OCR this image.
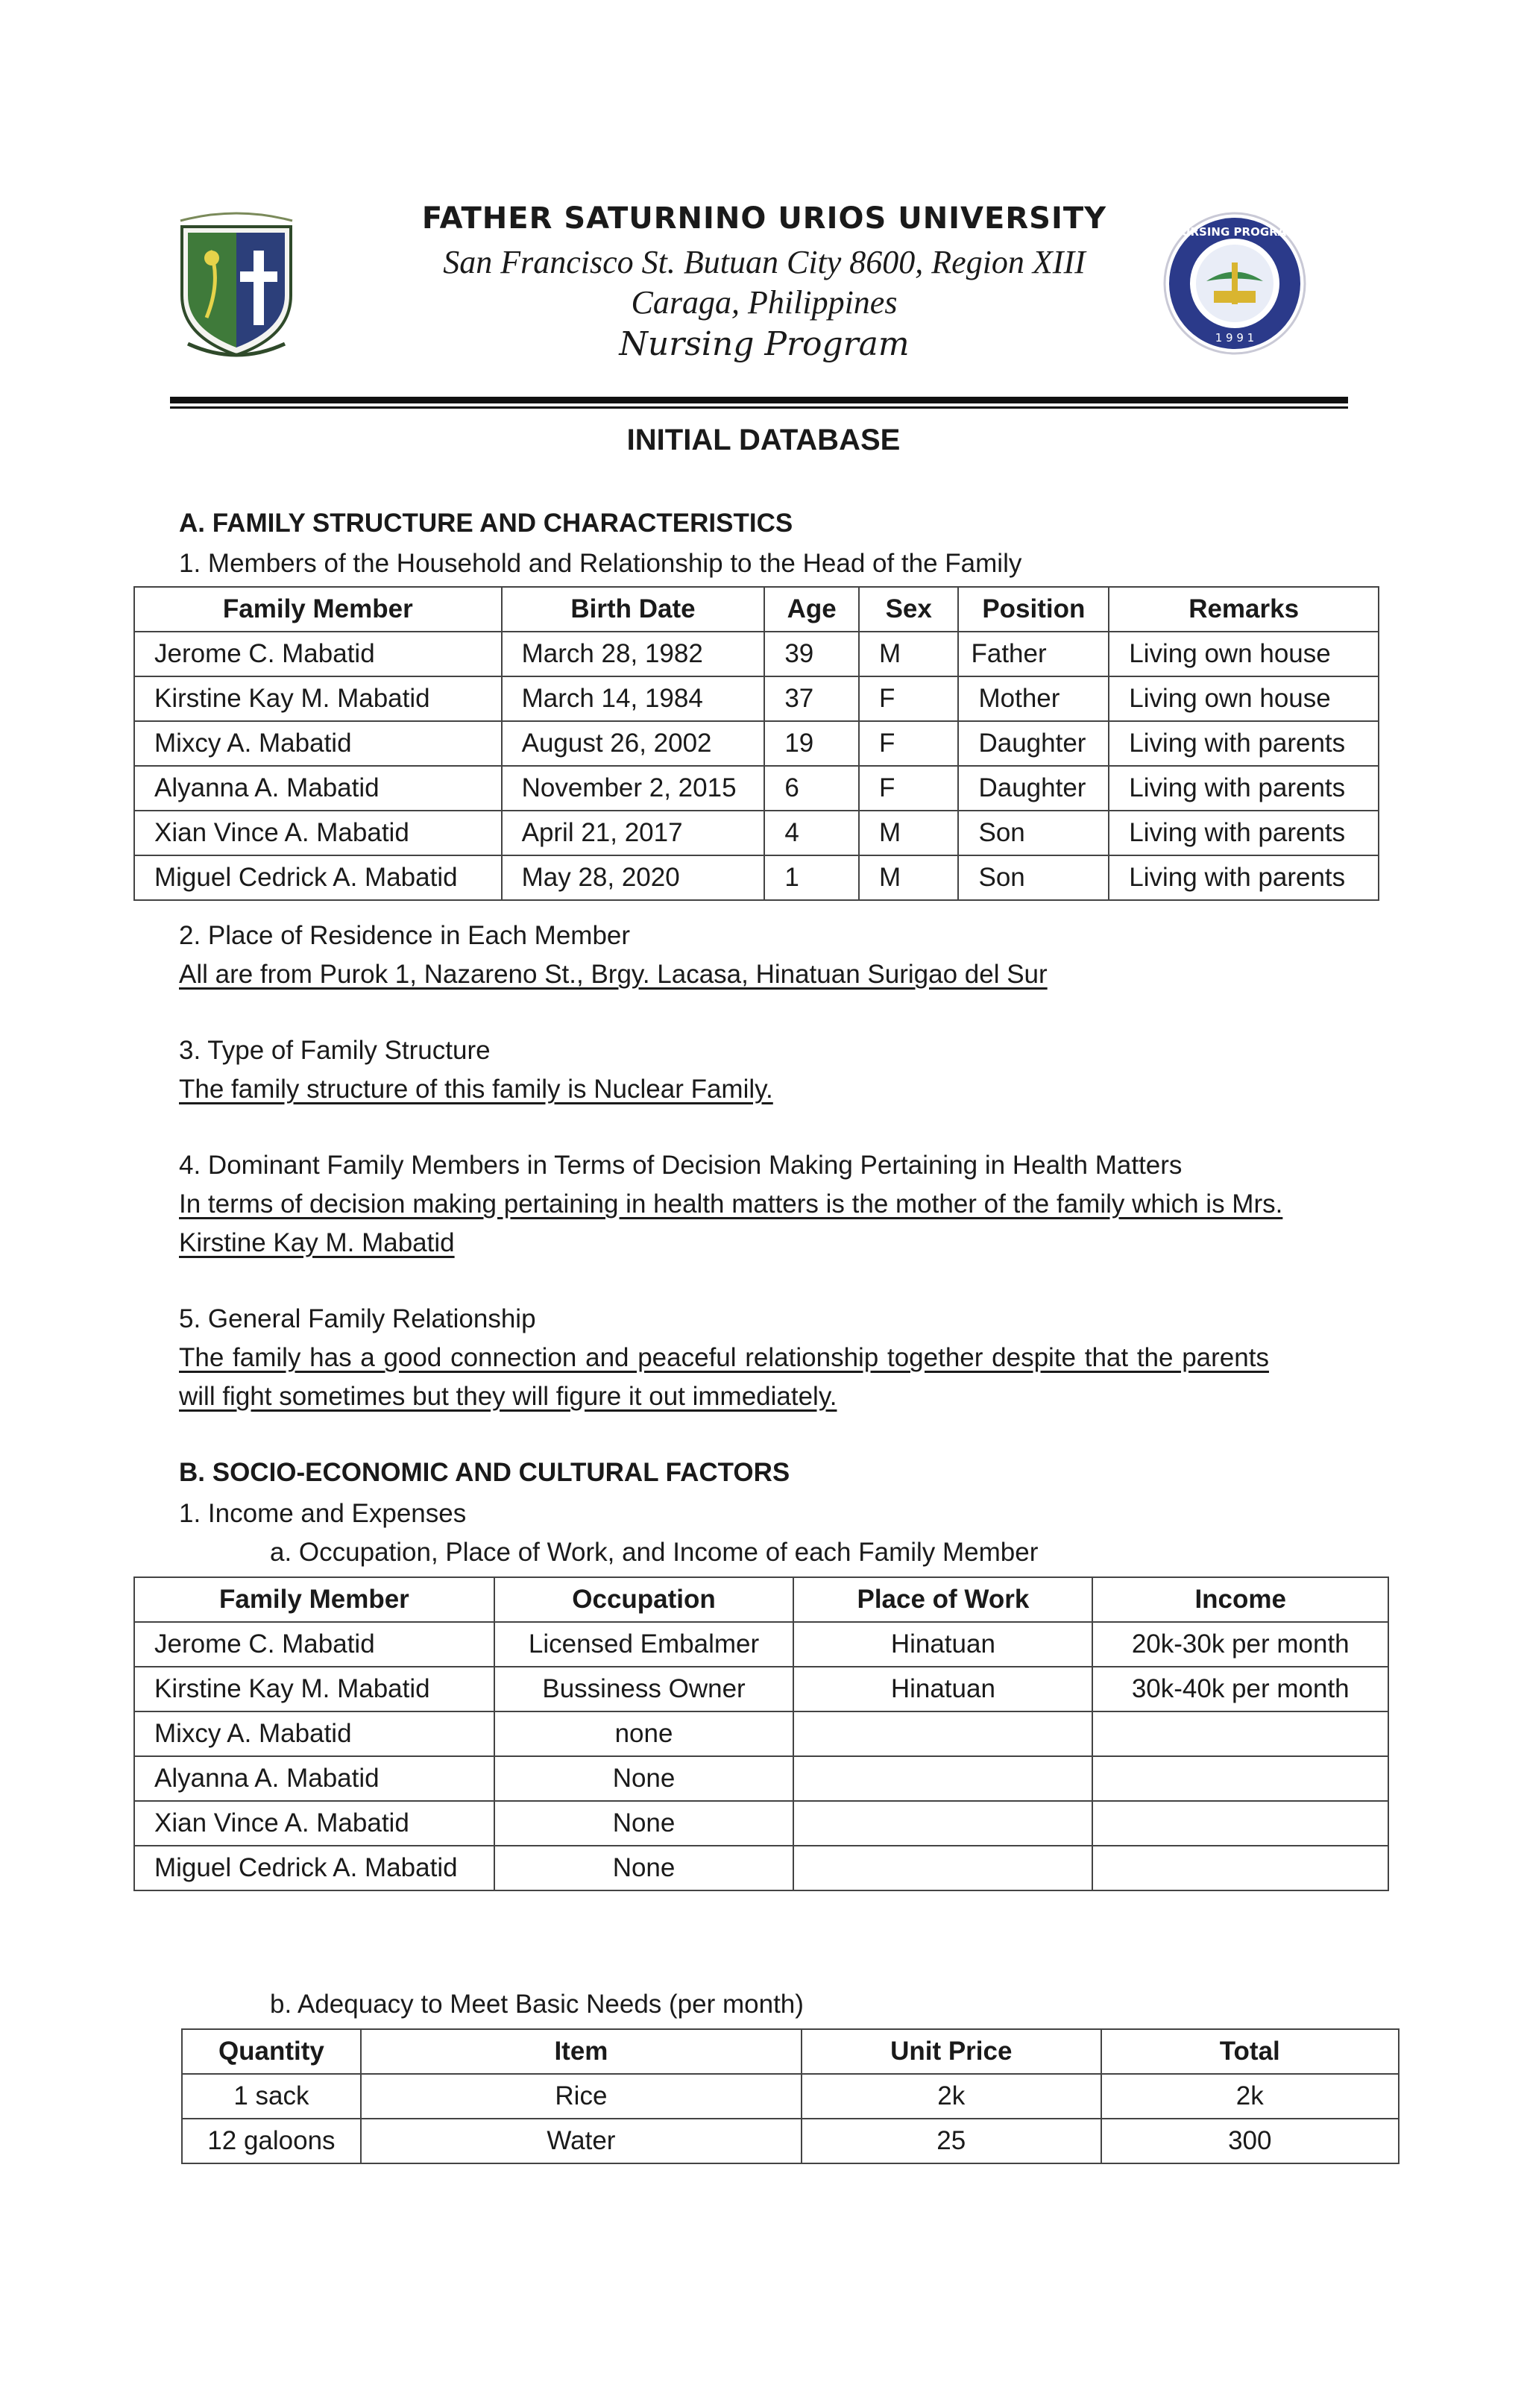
FATHER SATURNINO URIOS UNIVERSITY
San Francisco St. Butuan City 8600, Region XIII
Caraga, Philippines
Nursing Program
NURSING PROGRAM
1 9 9 1
INITIAL DATABASE
A. FAMILY STRUCTURE AND CHARACTERISTICS
1. Members of the Household and Relationship to the Head of the Family
Family Member	Birth Date	Age	Sex	Position	Remarks
Jerome C. Mabatid	March 28, 1982	39	M	Father	Living own house
Kirstine Kay M. Mabatid	March 14, 1984	37	F	Mother	Living own house
Mixcy A. Mabatid	August 26, 2002	19	F	Daughter	Living with parents
Alyanna A. Mabatid	November 2, 2015	6	F	Daughter	Living with parents
Xian Vince A. Mabatid	April 21, 2017	4	M	Son	Living with parents
Miguel Cedrick A. Mabatid	May 28, 2020	1	M	Son	Living with parents
2. Place of Residence in Each Member
All are from Purok 1, Nazareno St., Brgy. Lacasa, Hinatuan Surigao del Sur
3. Type of Family Structure
The family structure of this family is Nuclear Family.
4. Dominant Family Members in Terms of Decision Making Pertaining in Health Matters
In terms of decision making pertaining in health matters is the mother of the family which is Mrs.
Kirstine Kay M. Mabatid
5. General Family Relationship
The family has a good connection and peaceful relationship together despite that the parents
will fight sometimes but they will figure it out immediately.
B. SOCIO-ECONOMIC AND CULTURAL FACTORS
1. Income and Expenses
a. Occupation, Place of Work, and Income of each Family Member
Family Member	Occupation	Place of Work	Income
Jerome C. Mabatid	Licensed Embalmer	Hinatuan	20k-30k per month
Kirstine Kay M. Mabatid	Bussiness Owner	Hinatuan	30k-40k per month
Mixcy A. Mabatid	none		
Alyanna A. Mabatid	None		
Xian Vince A. Mabatid	None		
Miguel Cedrick A. Mabatid	None		
b. Adequacy to Meet Basic Needs (per month)
Quantity	Item	Unit Price	Total
1 sack	Rice	2k	2k
12 galoons	Water	25	300
